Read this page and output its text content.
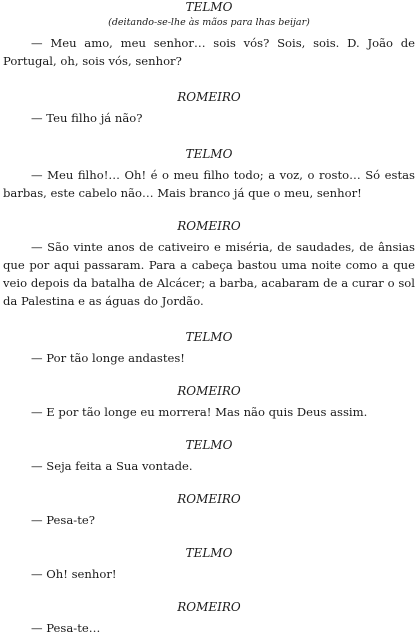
TELMO

(deitando-se-lhe às mãos para lhas beijar)

— Meu amo, meu senhor… sois vós? Sois, sois. D. João de Portugal, oh, sois vós, senhor?

ROMEIRO

— Teu filho já não?

TELMO

— Meu filho!… Oh! é o meu filho todo; a voz, o rosto… Só estas barbas, este cabelo não… Mais branco já que o meu, senhor!

ROMEIRO

— São vinte anos de cativeiro e miséria, de saudades, de ânsias que por aqui passaram. Para a cabeça bastou uma noite como a que veio depois da batalha de Alcácer; a barba, acabaram de a curar o sol da Palestina e as águas do Jordão.

TELMO

— Por tão longe andastes!

ROMEIRO

— E por tão longe eu morrera! Mas não quis Deus assim.

TELMO

— Seja feita a Sua vontade.

ROMEIRO

— Pesa-te?

TELMO

— Oh! senhor!

ROMEIRO

— Pesa-te…
